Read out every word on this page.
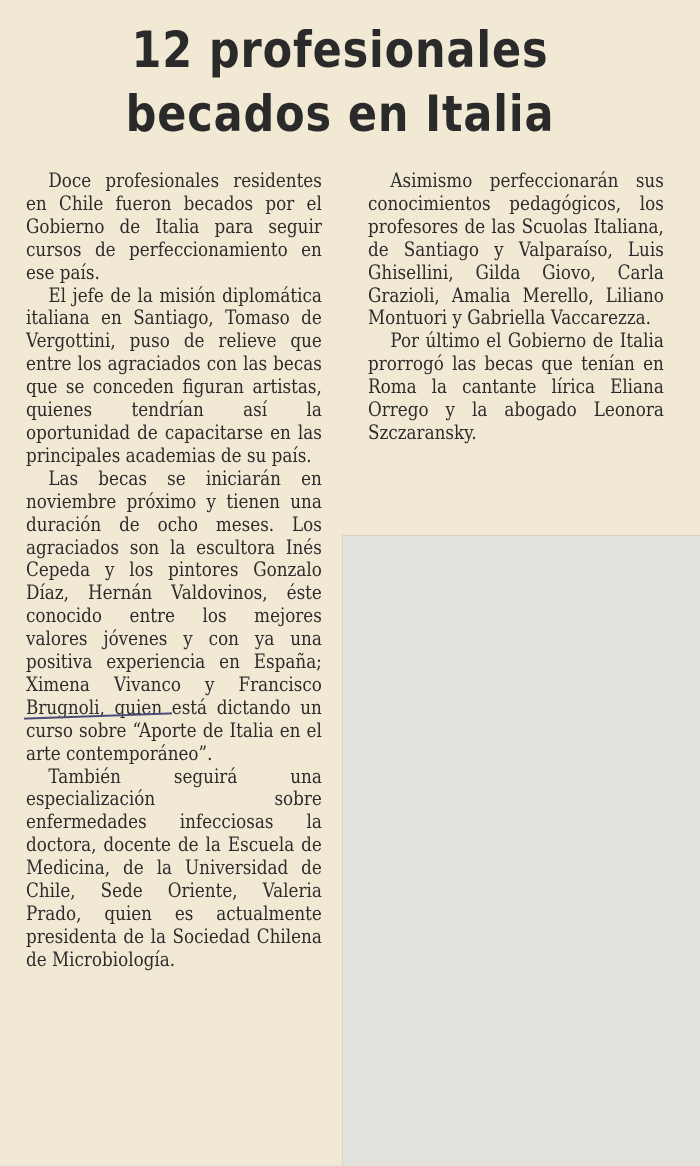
12 profesionales
becados en Italia

Doce profesionales residentes en Chile fueron becados por el Gobierno de Italia para seguir cursos de perfeccionamiento en ese país.

El jefe de la misión diplomática italiana en Santiago, Tomaso de Vergottini, puso de relieve que entre los agraciados con las becas que se conceden figuran artistas, quienes tendrían así la oportunidad de capacitarse en las principales academias de su país.

Las becas se iniciarán en noviembre próximo y tienen una duración de ocho meses. Los agraciados son la escultora Inés Cepeda y los pintores Gonzalo Díaz, Hernán Valdovinos, éste conocido entre los mejores valores jóvenes y con ya una positiva experiencia en España; Ximena Vivanco y Francisco Brugnoli, quien está dictando un curso sobre “Aporte de Italia en el arte contemporáneo”.

También seguirá una especialización sobre enfermedades infecciosas la doctora, docente de la Escuela de Medicina, de la Universidad de Chile, Sede Oriente, Valeria Prado, quien es actualmente presidenta de la Sociedad Chilena de Microbiología.

Asimismo perfeccionarán sus conocimientos pedagógicos, los profesores de las Scuolas Italiana, de Santiago y Valparaíso, Luis Ghisellini, Gilda Giovo, Carla Grazioli, Amalia Merello, Liliano Montuori y Gabriella Vaccarezza.

Por último el Gobierno de Italia prorrogó las becas que tenían en Roma la cantante lírica Eliana Orrego y la abogado Leonora Szczaransky.
